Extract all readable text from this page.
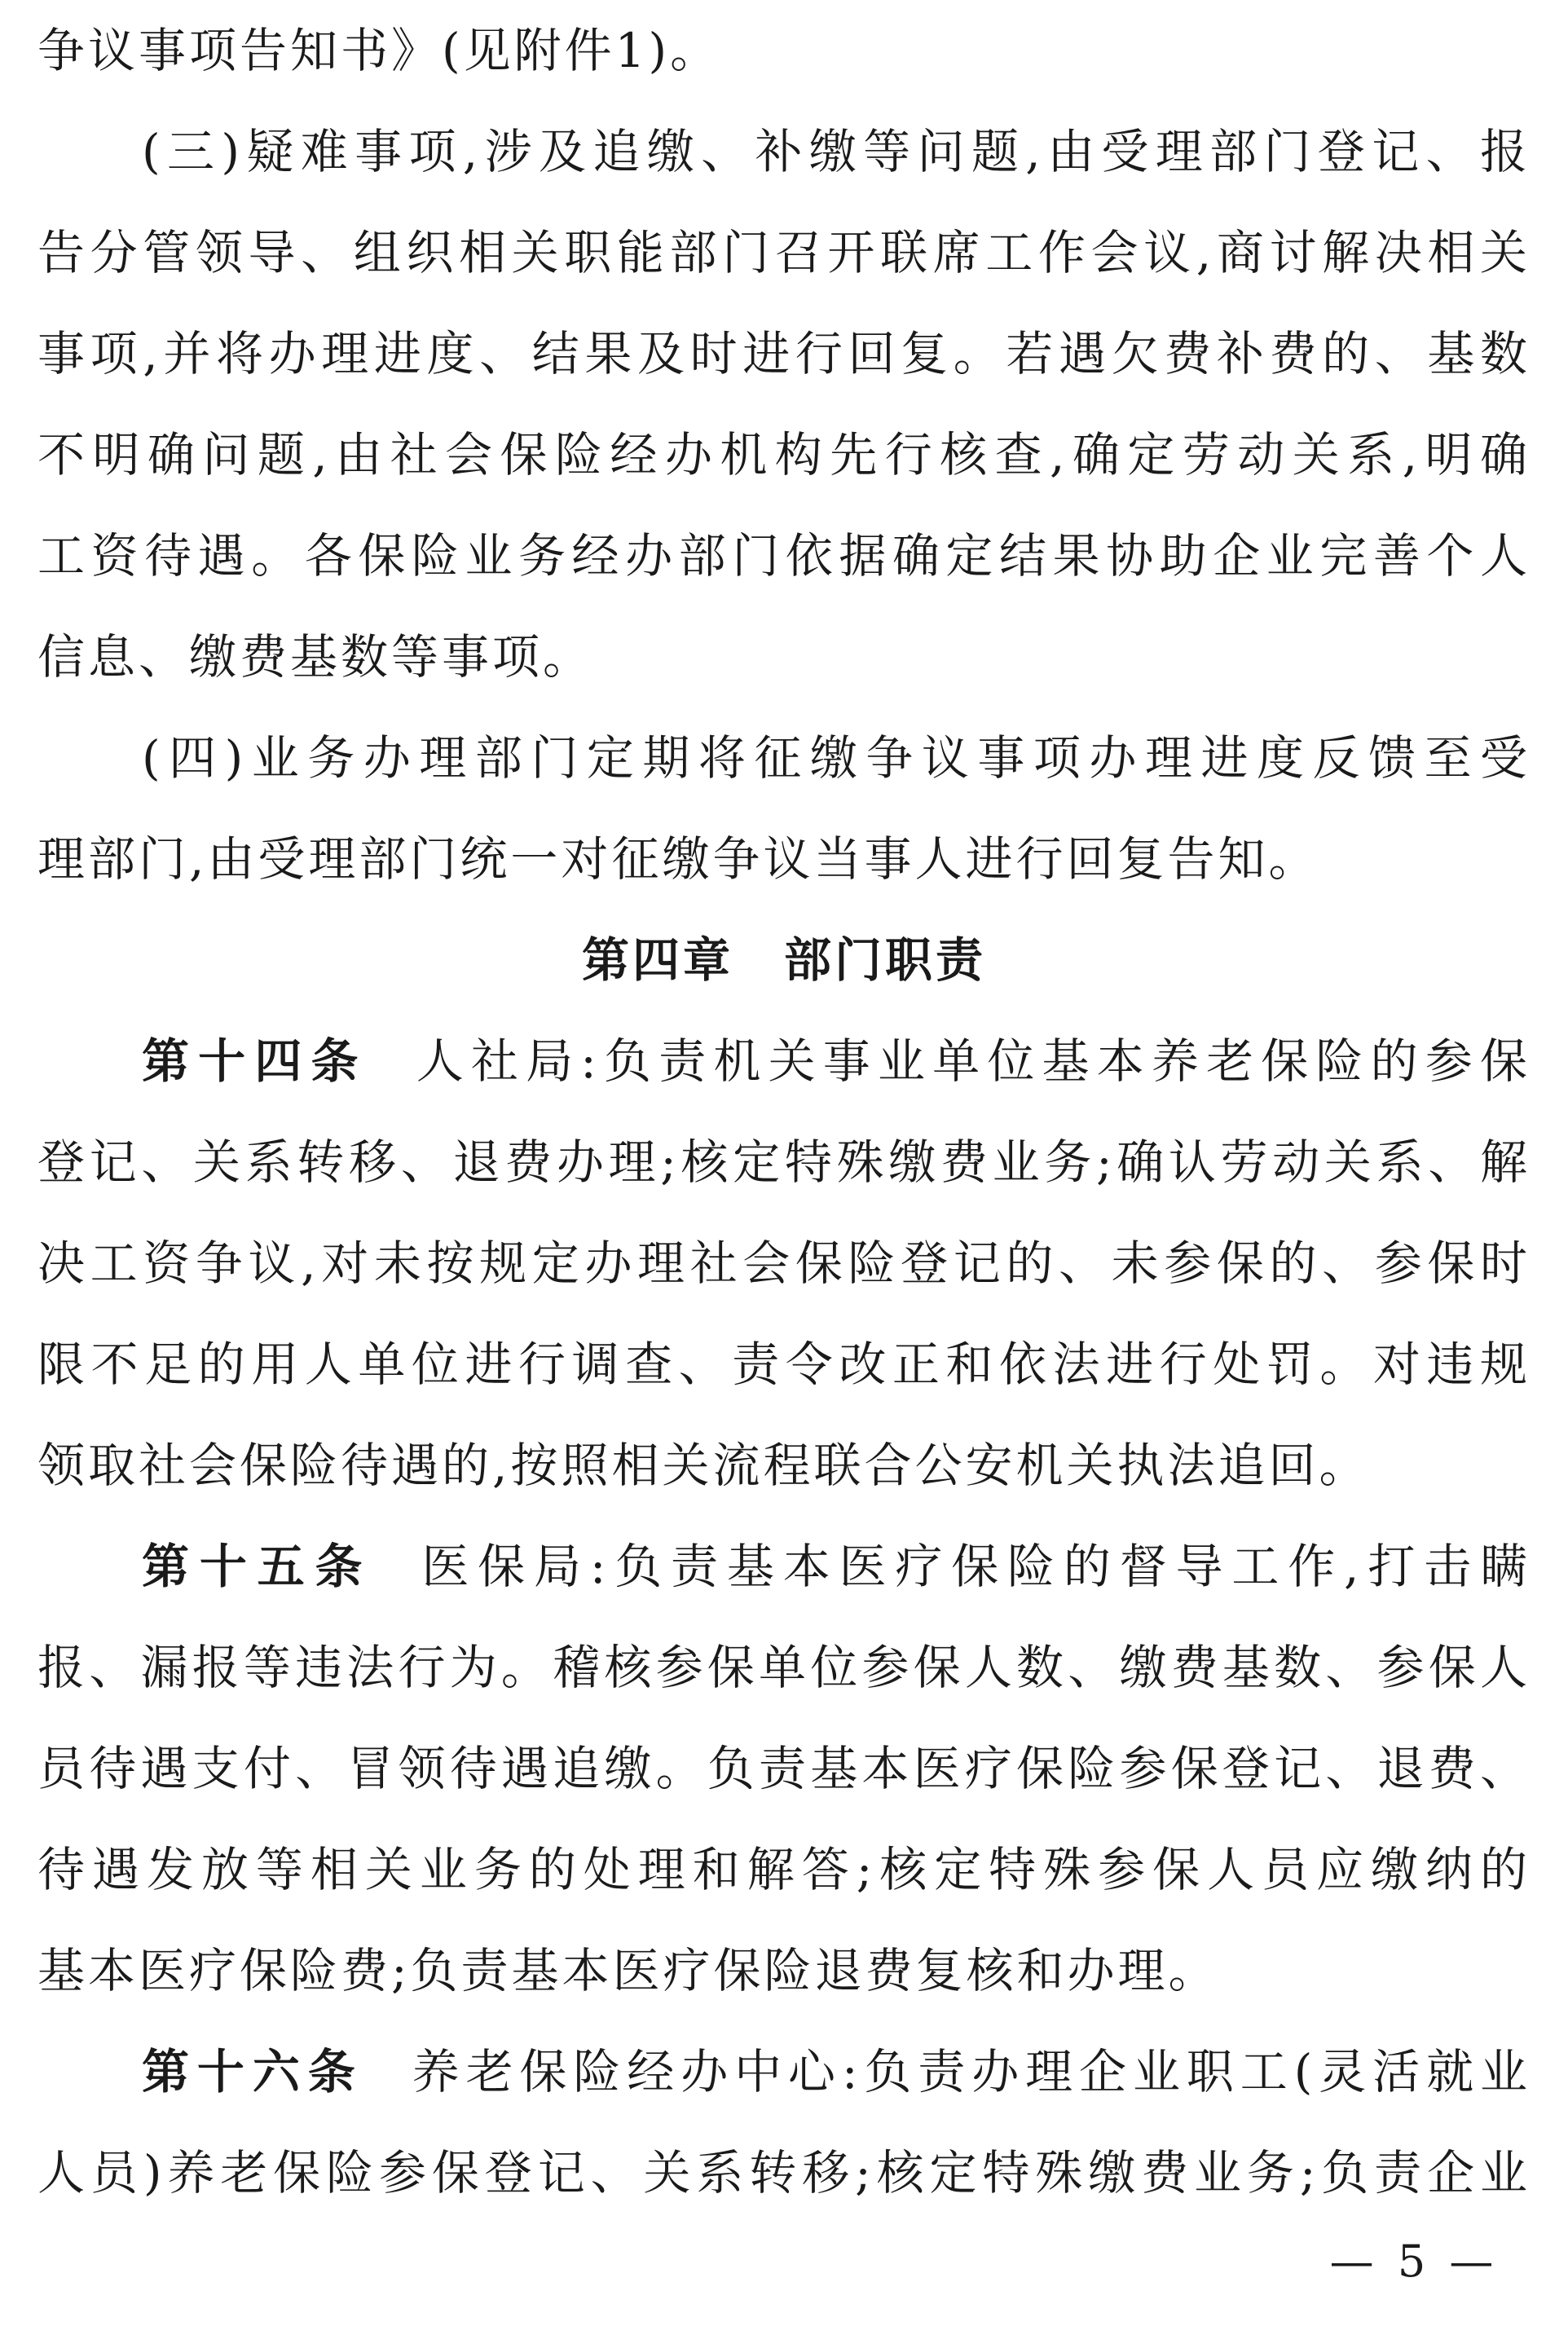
争议事项告知书》(见附件1)。
(三)疑难事项,涉及追缴、补缴等问题,由受理部门登记、报
告分管领导、组织相关职能部门召开联席工作会议,商讨解决相关
事项,并将办理进度、结果及时进行回复。若遇欠费补费的、基数
不明确问题,由社会保险经办机构先行核查,确定劳动关系,明确
工资待遇。各保险业务经办部门依据确定结果协助企业完善个人
信息、缴费基数等事项。
(四)业务办理部门定期将征缴争议事项办理进度反馈至受
理部门,由受理部门统一对征缴争议当事人进行回复告知。
第四章　部门职责
第十四条 人社局:负责机关事业单位基本养老保险的参保
登记、关系转移、退费办理;核定特殊缴费业务;确认劳动关系、解
决工资争议,对未按规定办理社会保险登记的、未参保的、参保时
限不足的用人单位进行调查、责令改正和依法进行处罚。对违规
领取社会保险待遇的,按照相关流程联合公安机关执法追回。
第十五条 医保局:负责基本医疗保险的督导工作,打击瞒
报、漏报等违法行为。稽核参保单位参保人数、缴费基数、参保人
员待遇支付、冒领待遇追缴。负责基本医疗保险参保登记、退费、
待遇发放等相关业务的处理和解答;核定特殊参保人员应缴纳的
基本医疗保险费;负责基本医疗保险退费复核和办理。
第十六条 养老保险经办中心:负责办理企业职工(灵活就业
人员)养老保险参保登记、关系转移;核定特殊缴费业务;负责企业
— 5 —
